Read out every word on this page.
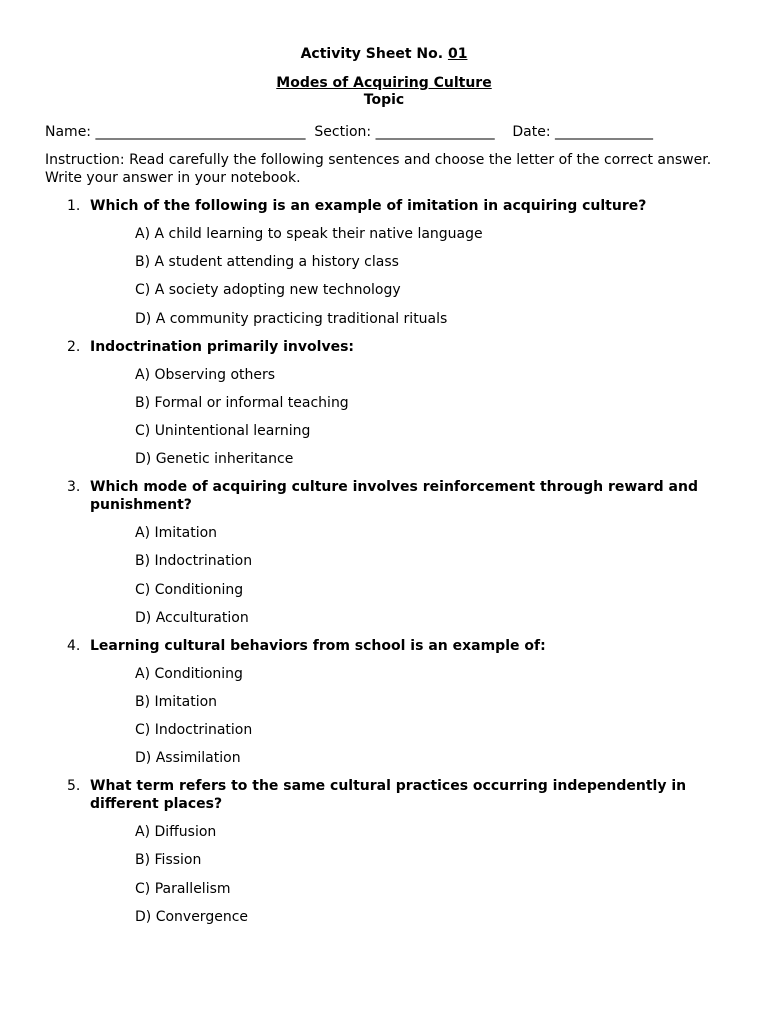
Activity Sheet No. 01
Modes of Acquiring Culture
Topic
Name: ______________________________ Section: _________________ Date: ______________
Instruction: Read carefully the following sentences and choose the letter of the correct answer. Write your answer in your notebook.
1. Which of the following is an example of imitation in acquiring culture?
A) A child learning to speak their native language
B) A student attending a history class
C) A society adopting new technology
D) A community practicing traditional rituals
2. Indoctrination primarily involves:
A) Observing others
B) Formal or informal teaching
C) Unintentional learning
D) Genetic inheritance
3. Which mode of acquiring culture involves reinforcement through reward and punishment?
A) Imitation
B) Indoctrination
C) Conditioning
D) Acculturation
4. Learning cultural behaviors from school is an example of:
A) Conditioning
B) Imitation
C) Indoctrination
D) Assimilation
5. What term refers to the same cultural practices occurring independently in different places?
A) Diffusion
B) Fission
C) Parallelism
D) Convergence
